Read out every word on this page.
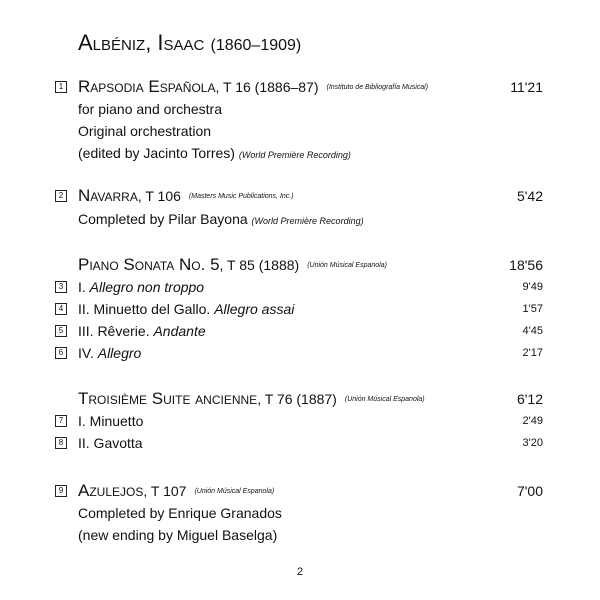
Albéniz, Isaac (1860–1909)
1 Rapsodia Española, T 16 (1886–87) (Instituto de Bibliografía Musical)	11'21
for piano and orchestra
Original orchestration
(edited by Jacinto Torres) (World Première Recording)
2 Navarra, T 106 (Masters Music Publications, Inc.)	5'42
Completed by Pilar Bayona (World Première Recording)
Piano Sonata No. 5, T 85 (1888) (Unión Músical Espanola)	18'56
3 I. Allegro non troppo	9'49
4 II. Minuetto del Gallo. Allegro assai	1'57
5 III. Rêverie. Andante	4'45
6 IV. Allegro	2'17
Troisième Suite ancienne, T 76 (1887) (Unión Músical Espanola)	6'12
7 I. Minuetto	2'49
8 II. Gavotta	3'20
9 Azulejos, T 107 (Unión Músical Espanola)	7'00
Completed by Enrique Granados
(new ending by Miguel Baselga)
2
